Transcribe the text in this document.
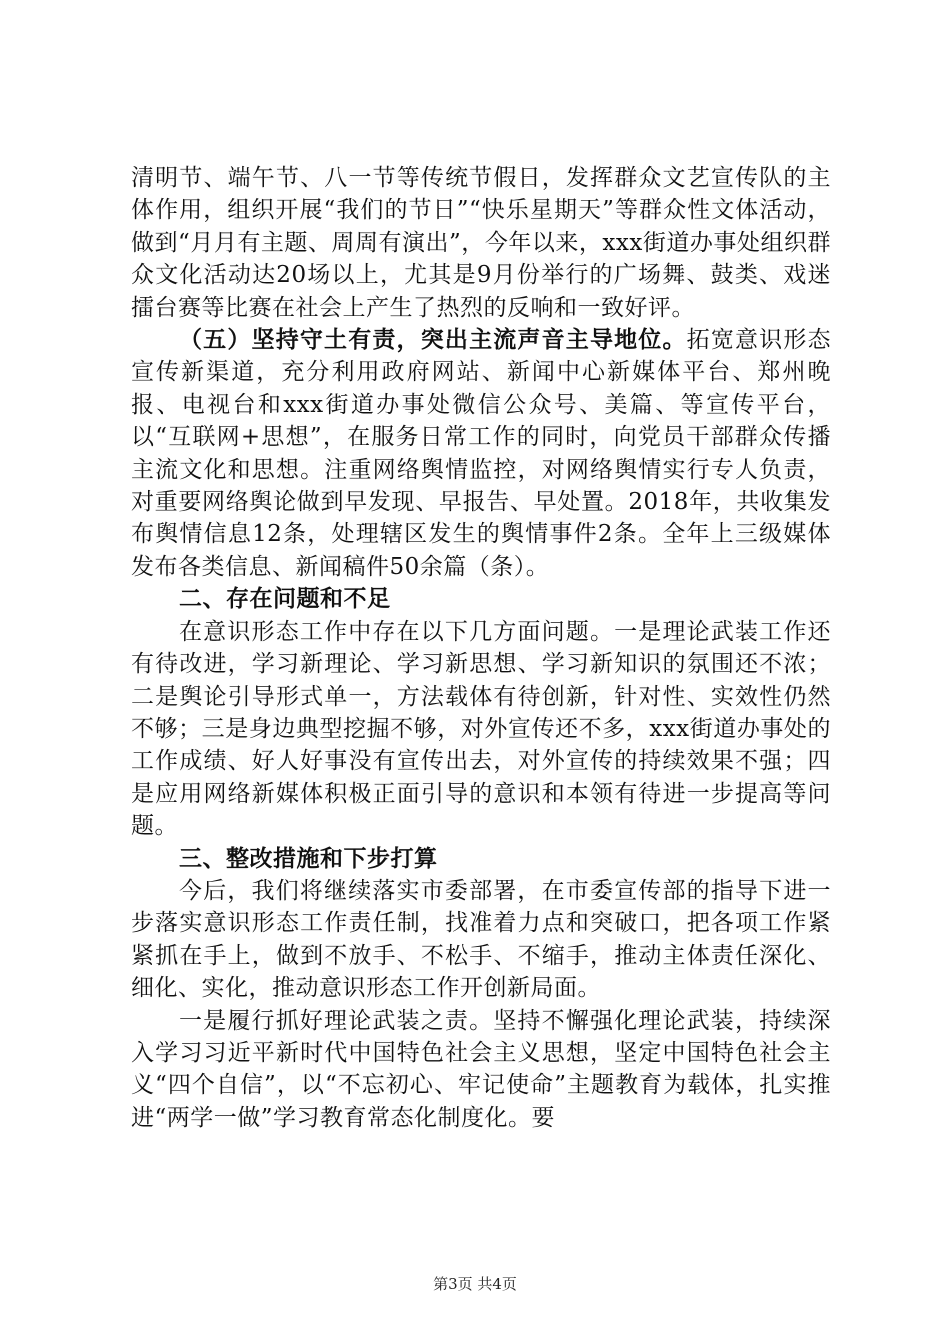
清明节、端午节、八一节等传统节假日，发挥群众文艺宣传队的主体作用，组织开展“我们的节日”“快乐星期天”等群众性文体活动，做到“月月有主题、周周有演出”，今年以来，xxx街道办事处组织群众文化活动达20场以上，尤其是9月份举行的广场舞、鼓类、戏迷擂台赛等比赛在社会上产生了热烈的反响和一致好评。

（五）坚持守土有责，突出主流声音主导地位。拓宽意识形态宣传新渠道，充分利用政府网站、新闻中心新媒体平台、郑州晚报、电视台和xxx街道办事处微信公众号、美篇、等宣传平台，以“互联网+思想”，在服务日常工作的同时，向党员干部群众传播主流文化和思想。注重网络舆情监控，对网络舆情实行专人负责，对重要网络舆论做到早发现、早报告、早处置。2018年，共收集发布舆情信息12条，处理辖区发生的舆情事件2条。全年上三级媒体发布各类信息、新闻稿件50余篇（条）。

二、存在问题和不足

在意识形态工作中存在以下几方面问题。一是理论武装工作还有待改进，学习新理论、学习新思想、学习新知识的氛围还不浓；二是舆论引导形式单一，方法载体有待创新，针对性、实效性仍然不够；三是身边典型挖掘不够，对外宣传还不多，xxx街道办事处的工作成绩、好人好事没有宣传出去，对外宣传的持续效果不强；四是应用网络新媒体积极正面引导的意识和本领有待进一步提高等问题。

三、整改措施和下步打算

今后，我们将继续落实市委部署，在市委宣传部的指导下进一步落实意识形态工作责任制，找准着力点和突破口，把各项工作紧紧抓在手上，做到不放手、不松手、不缩手，推动主体责任深化、细化、实化，推动意识形态工作开创新局面。

一是履行抓好理论武装之责。坚持不懈强化理论武装，持续深入学习习近平新时代中国特色社会主义思想，坚定中国特色社会主义“四个自信”，以“不忘初心、牢记使命”主题教育为载体，扎实推进“两学一做”学习教育常态化制度化。要

第3页 共4页
